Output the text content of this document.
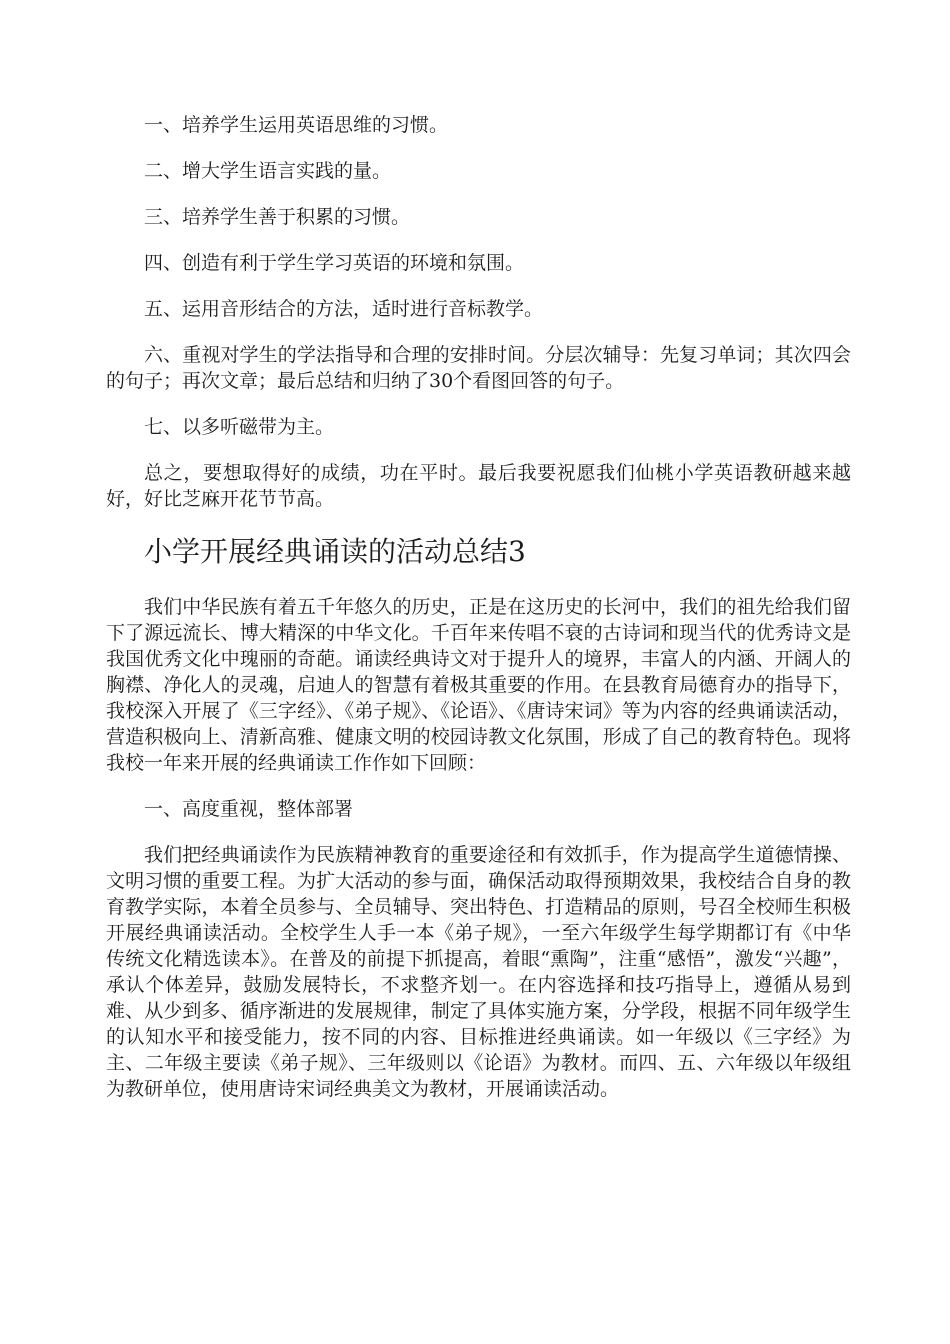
一、培养学生运用英语思维的习惯。

二、增大学生语言实践的量。

三、培养学生善于积累的习惯。

四、创造有利于学生学习英语的环境和氛围。

五、运用音形结合的方法，适时进行音标教学。

六、重视对学生的学法指导和合理的安排时间。分层次辅导：先复习单词；其次四会的句子；再次文章；最后总结和归纳了30个看图回答的句子。

七、以多听磁带为主。

总之，要想取得好的成绩，功在平时。最后我要祝愿我们仙桃小学英语教研越来越好，好比芝麻开花节节高。

小学开展经典诵读的活动总结3

我们中华民族有着五千年悠久的历史，正是在这历史的长河中，我们的祖先给我们留下了源远流长、博大精深的中华文化。千百年来传唱不衰的古诗词和现当代的优秀诗文是我国优秀文化中瑰丽的奇葩。诵读经典诗文对于提升人的境界，丰富人的内涵、开阔人的胸襟、净化人的灵魂，启迪人的智慧有着极其重要的作用。在县教育局德育办的指导下，我校深入开展了《三字经》、《弟子规》、《论语》、《唐诗宋词》等为内容的经典诵读活动，营造积极向上、清新高雅、健康文明的校园诗教文化氛围，形成了自己的教育特色。现将我校一年来开展的经典诵读工作作如下回顾：

一、高度重视，整体部署

我们把经典诵读作为民族精神教育的重要途径和有效抓手，作为提高学生道德情操、文明习惯的重要工程。为扩大活动的参与面，确保活动取得预期效果，我校结合自身的教育教学实际，本着全员参与、全员辅导、突出特色、打造精品的原则，号召全校师生积极开展经典诵读活动。全校学生人手一本《弟子规》，一至六年级学生每学期都订有《中华传统文化精选读本》。在普及的前提下抓提高，着眼“熏陶”，注重“感悟”，激发“兴趣”，承认个体差异，鼓励发展特长，不求整齐划一。在内容选择和技巧指导上，遵循从易到难、从少到多、循序渐进的发展规律，制定了具体实施方案，分学段，根据不同年级学生的认知水平和接受能力，按不同的内容、目标推进经典诵读。如一年级以《三字经》为主、二年级主要读《弟子规》、三年级则以《论语》为教材。而四、五、六年级以年级组为教研单位，使用唐诗宋词经典美文为教材，开展诵读活动。
